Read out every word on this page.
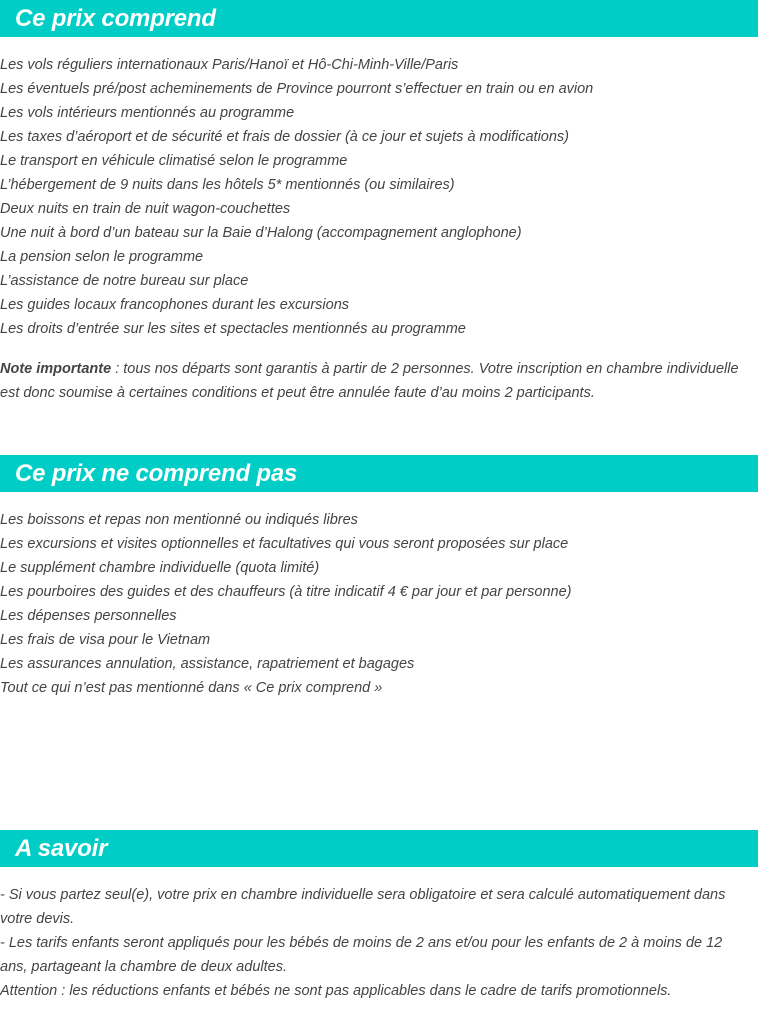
Ce prix comprend
Les vols réguliers internationaux Paris/Hanoï et Hô-Chi-Minh-Ville/Paris
Les éventuels pré/post acheminements de Province pourront s’effectuer en train ou en avion
Les vols intérieurs mentionnés au programme
Les taxes d’aéroport et de sécurité et frais de dossier (à ce jour et sujets à modifications)
Le transport en véhicule climatisé selon le programme
L’hébergement de 9 nuits dans les hôtels 5* mentionnés (ou similaires)
Deux nuits en train de nuit wagon-couchettes
Une nuit à bord d’un bateau sur la Baie d’Halong (accompagnement anglophone)
La pension selon le programme
L’assistance de notre bureau sur place
Les guides locaux francophones durant les excursions
Les droits d’entrée sur les sites et spectacles mentionnés au programme

Note importante : tous nos départs sont garantis à partir de 2 personnes. Votre inscription en chambre individuelle est donc soumise à certaines conditions et peut être annulée faute d’au moins 2 participants.

Ce prix ne comprend pas
Les boissons et repas non mentionné ou indiqués libres
Les excursions et visites optionnelles et facultatives qui vous seront proposées sur place
Le supplément chambre individuelle (quota limité)
Les pourboires des guides et des chauffeurs (à titre indicatif 4 € par jour et par personne)
Les dépenses personnelles
Les frais de visa pour le Vietnam
Les assurances annulation, assistance, rapatriement et bagages
Tout ce qui n’est pas mentionné dans « Ce prix comprend »
A savoir

- Si vous partez seul(e), votre prix en chambre individuelle sera obligatoire et sera calculé automatiquement dans votre devis.

- Les tarifs enfants seront appliqués pour les bébés de moins de 2 ans et/ou pour les enfants de 2 à moins de 12 ans, partageant la chambre de deux adultes.

Attention : les réductions enfants et bébés ne sont pas applicables dans le cadre de tarifs promotionnels.
